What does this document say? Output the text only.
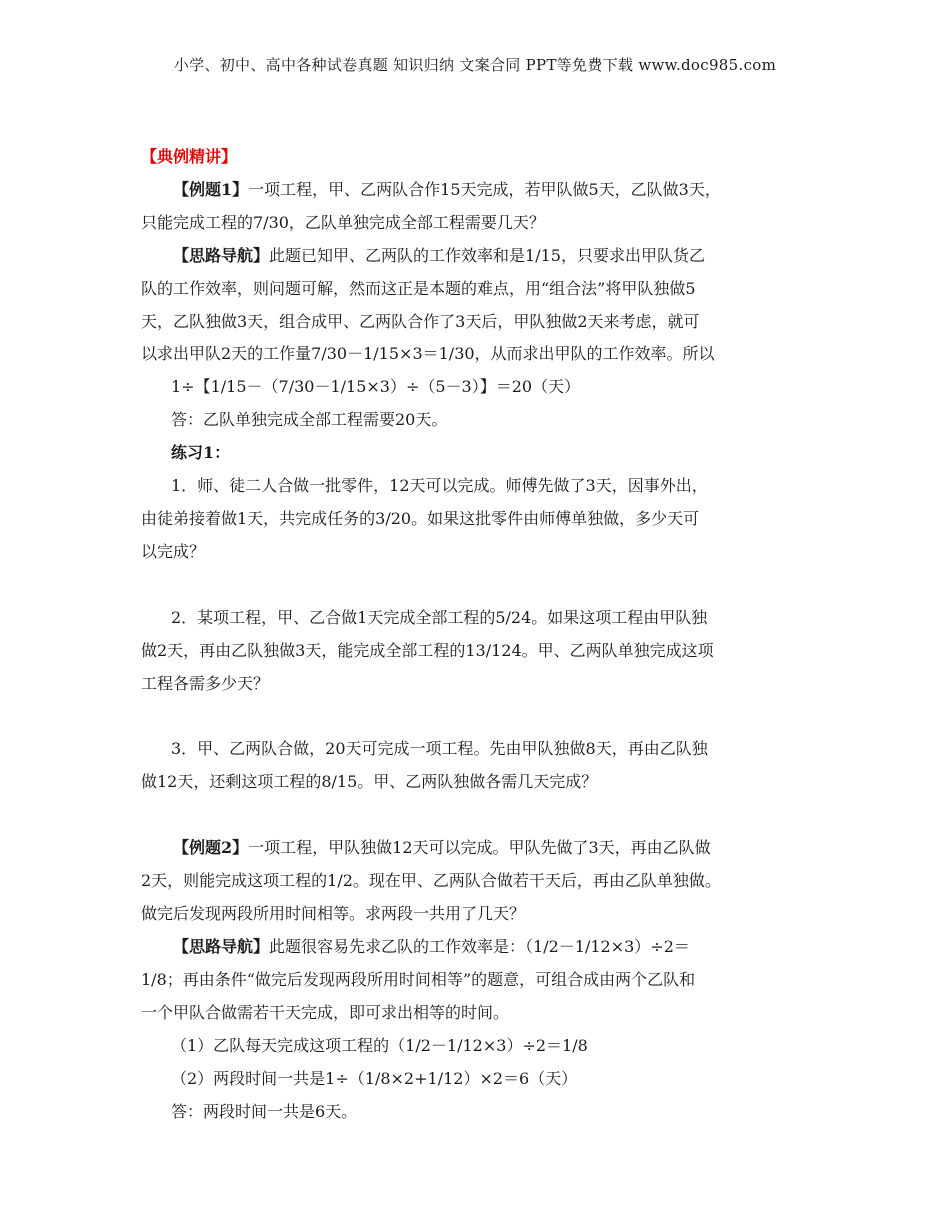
小学、初中、高中各种试卷真题 知识归纳 文案合同 PPT等免费下载 www.doc985.com
【典例精讲】
【例题1】一项工程，甲、乙两队合作15天完成，若甲队做5天，乙队做3天，
只能完成工程的7/30，乙队单独完成全部工程需要几天？
【思路导航】此题已知甲、乙两队的工作效率和是1/15，只要求出甲队货乙
队的工作效率，则问题可解，然而这正是本题的难点，用“组合法”将甲队独做5
天，乙队独做3天，组合成甲、乙两队合作了3天后，甲队独做2天来考虑，就可
以求出甲队2天的工作量7/30－1/15×3＝1/30，从而求出甲队的工作效率。所以
1÷【1/15－（7/30－1/15×3）÷（5－3）】＝20（天）
答：乙队单独完成全部工程需要20天。
练习1：
1．师、徒二人合做一批零件，12天可以完成。师傅先做了3天，因事外出，
由徒弟接着做1天，共完成任务的3/20。如果这批零件由师傅单独做，多少天可
以完成？
2．某项工程，甲、乙合做1天完成全部工程的5/24。如果这项工程由甲队独
做2天，再由乙队独做3天，能完成全部工程的13/124。甲、乙两队单独完成这项
工程各需多少天？
3．甲、乙两队合做，20天可完成一项工程。先由甲队独做8天，再由乙队独
做12天，还剩这项工程的8/15。甲、乙两队独做各需几天完成？
【例题2】一项工程，甲队独做12天可以完成。甲队先做了3天，再由乙队做
2天，则能完成这项工程的1/2。现在甲、乙两队合做若干天后，再由乙队单独做。
做完后发现两段所用时间相等。求两段一共用了几天？
【思路导航】此题很容易先求乙队的工作效率是：（1/2－1/12×3）÷2＝
1/8；再由条件“做完后发现两段所用时间相等”的题意，可组合成由两个乙队和
一个甲队合做需若干天完成，即可求出相等的时间。
（1）乙队每天完成这项工程的（1/2－1/12×3）÷2＝1/8
（2）两段时间一共是1÷（1/8×2+1/12）×2＝6（天）
答：两段时间一共是6天。
